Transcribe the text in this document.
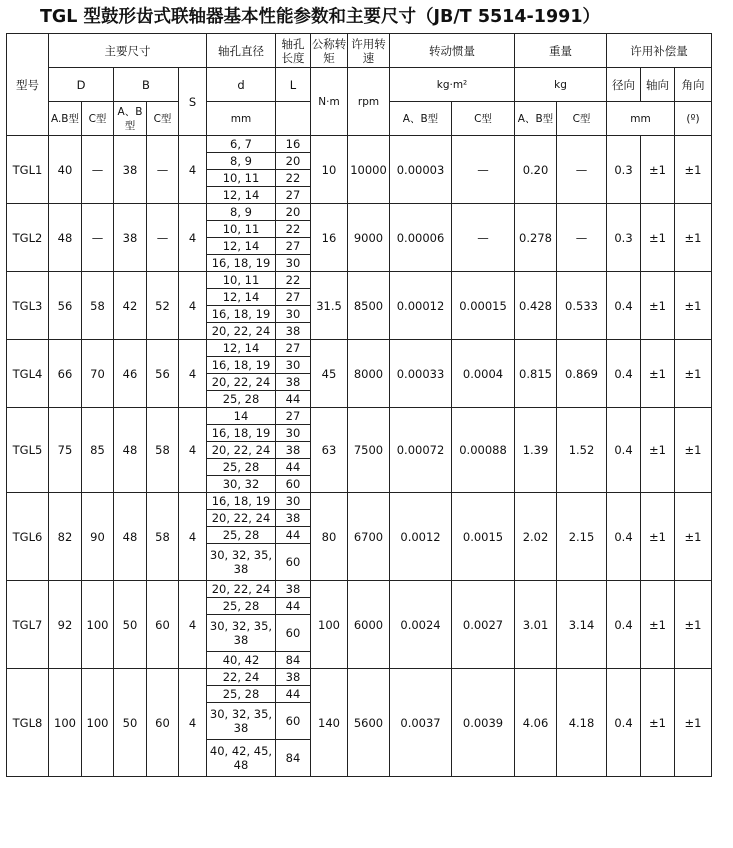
TGL 型鼓形齿式联轴器基本性能参数和主要尺寸（JB/T 5514-1991）
型号	主要尺寸					轴孔直径	轴孔长度	公称转矩	许用转速	转动惯量		重量		许用补偿量		
	D		B		S	d	L	N·m	rpm	kg·m²		kg		径向	轴向	角向
	A.B型	C型	A、B型	C型		mm				A、B型	C型	A、B型	C型	mm		(º)
TGL1	40	—	38	—	4	6, 7	16	10	10000	0.00003	—	0.20	—	0.3	±1	±1
						8, 9	20									
						10, 11	22									
						12, 14	27									
TGL2	48	—	38	—	4	8, 9	20	16	9000	0.00006	—	0.278	—	0.3	±1	±1
						10, 11	22									
						12, 14	27									
						16, 18, 19	30									
TGL3	56	58	42	52	4	10, 11	22	31.5	8500	0.00012	0.00015	0.428	0.533	0.4	±1	±1
						12, 14	27									
						16, 18, 19	30									
						20, 22, 24	38									
TGL4	66	70	46	56	4	12, 14	27	45	8000	0.00033	0.0004	0.815	0.869	0.4	±1	±1
						16, 18, 19	30									
						20, 22, 24	38									
						25, 28	44									
TGL5	75	85	48	58	4	14	27	63	7500	0.00072	0.00088	1.39	1.52	0.4	±1	±1
						16, 18, 19	30									
						20, 22, 24	38									
						25, 28	44									
						30, 32	60									
TGL6	82	90	48	58	4	16, 18, 19	30	80	6700	0.0012	0.0015	2.02	2.15	0.4	±1	±1
						20, 22, 24	38									
						25, 28	44									
						30, 32, 35, 38	60									
TGL7	92	100	50	60	4	20, 22, 24	38	100	6000	0.0024	0.0027	3.01	3.14	0.4	±1	±1
						25, 28	44									
						30, 32, 35, 38	60									
						40, 42	84									
TGL8	100	100	50	60	4	22, 24	38	140	5600	0.0037	0.0039	4.06	4.18	0.4	±1	±1
						25, 28	44									
						30, 32, 35, 38	60									
						40, 42, 45, 48	84									
